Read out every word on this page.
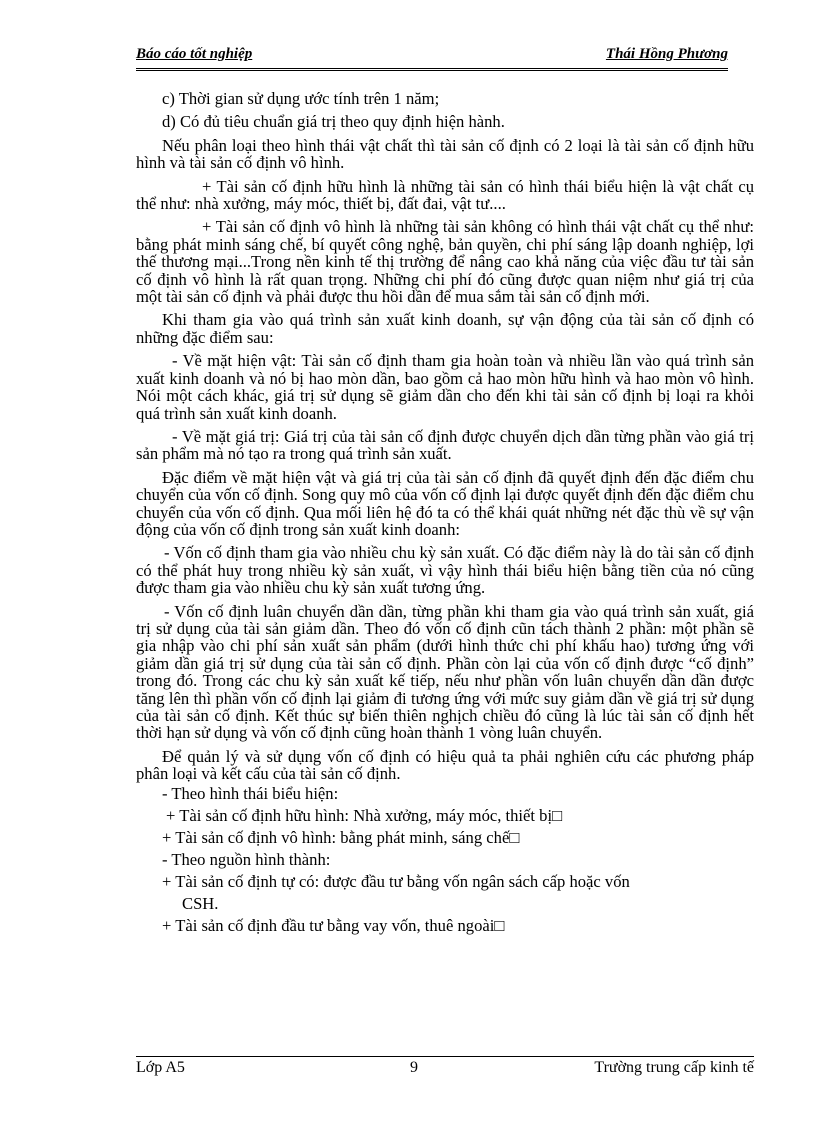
Báo cáo tốt nghiệp	Thái Hồng Phương

c) Thời gian sử dụng ước tính trên 1 năm;

d) Có đủ tiêu chuẩn giá trị theo quy định hiện hành.

Nếu phân loại theo hình thái vật chất thì tài sản cố định có 2 loại là tài sản cố định hữu hình và tài sản cố định vô hình.

+ Tài sản cố định hữu hình là những tài sản có hình thái biểu hiện là vật chất cụ thể như: nhà xưởng, máy móc, thiết bị, đất đai, vật tư....

+ Tài sản cố định vô hình là những tài sản không có hình thái vật chất cụ thể như: bằng phát minh sáng chế, bí quyết công nghệ, bản quyền, chi phí sáng lập doanh nghiệp, lợi thế thương mại...Trong nền kinh tế thị trường để nâng cao khả năng của việc đầu tư tài sản cố định vô hình là rất quan trọng. Những chi phí đó cũng được quan niệm như giá trị của một tài sản cố định và phải được thu hồi dần để mua sắm tài sản cố định mới.

Khi tham gia vào quá trình sản xuất kinh doanh, sự vận động của tài sản cố định có những đặc điểm sau:

- Về mặt hiện vật: Tài sản cố định tham gia hoàn toàn và nhiều lần vào quá trình sản xuất kinh doanh và nó bị hao mòn dần, bao gồm cả hao mòn hữu hình và hao mòn vô hình. Nói một cách khác, giá trị sử dụng sẽ giảm dần cho đến khi tài sản cố định bị loại ra khỏi quá trình sản xuất kinh doanh.

- Về mặt giá trị: Giá trị của tài sản cố định được chuyển dịch dần từng phần vào giá trị sản phẩm mà nó tạo ra trong quá trình sản xuất.

Đặc điểm về mặt hiện vật và giá trị của tài sản cố định đã quyết định đến đặc điểm chu chuyển của vốn cố định. Song quy mô của vốn cố định lại được quyết định đến đặc điểm chu chuyển của vốn cố định. Qua mối liên hệ đó ta có thể khái quát những nét đặc thù về sự vận động của vốn cố định trong sản xuất kinh doanh:

- Vốn cố định tham gia vào nhiều chu kỳ sản xuất. Có đặc điểm này là do tài sản cố định có thể phát huy trong nhiều kỳ sản xuất, vì vậy hình thái biểu hiện bằng tiền của nó cũng được tham gia vào nhiều chu kỳ sản xuất tương ứng.

- Vốn cố định luân chuyển dần dần, từng phần khi tham gia vào quá trình sản xuất, giá trị sử dụng của tài sản giảm dần. Theo đó vốn cố định cũn tách thành 2 phần: một phần sẽ gia nhập vào chi phí sản xuất sản phẩm (dưới hình thức chi phí khấu hao) tương ứng với giảm dần giá trị sử dụng của tài sản cố định. Phần còn lại của vốn cố định được “cố định” trong đó. Trong các chu kỳ sản xuất kế tiếp, nếu như phần vốn luân chuyển dần dần được tăng lên thì phần vốn cố định lại giảm đi tương ứng với mức suy giảm dần về giá trị sử dụng của tài sản cố định. Kết thúc sự biến thiên nghịch chiều đó cũng là lúc tài sản cố định hết thời hạn sử dụng và vốn cố định cũng hoàn thành 1 vòng luân chuyển.

Để quản lý và sử dụng vốn cố định có hiệu quả ta phải nghiên cứu các phương pháp phân loại và kết cấu của tài sản cố định.

- Theo hình thái biểu hiện:

+ Tài sản cố định hữu hình: Nhà xưởng, máy móc, thiết bị□

+ Tài sản cố định vô hình: bằng phát minh, sáng chế□

- Theo nguồn hình thành:

+ Tài sản cố định tự có: được đầu tư bằng vốn ngân sách cấp hoặc vốn

CSH.

+ Tài sản cố định đầu tư bằng vay vốn, thuê ngoài□

Lớp A5	9	Trường trung cấp kinh tế
